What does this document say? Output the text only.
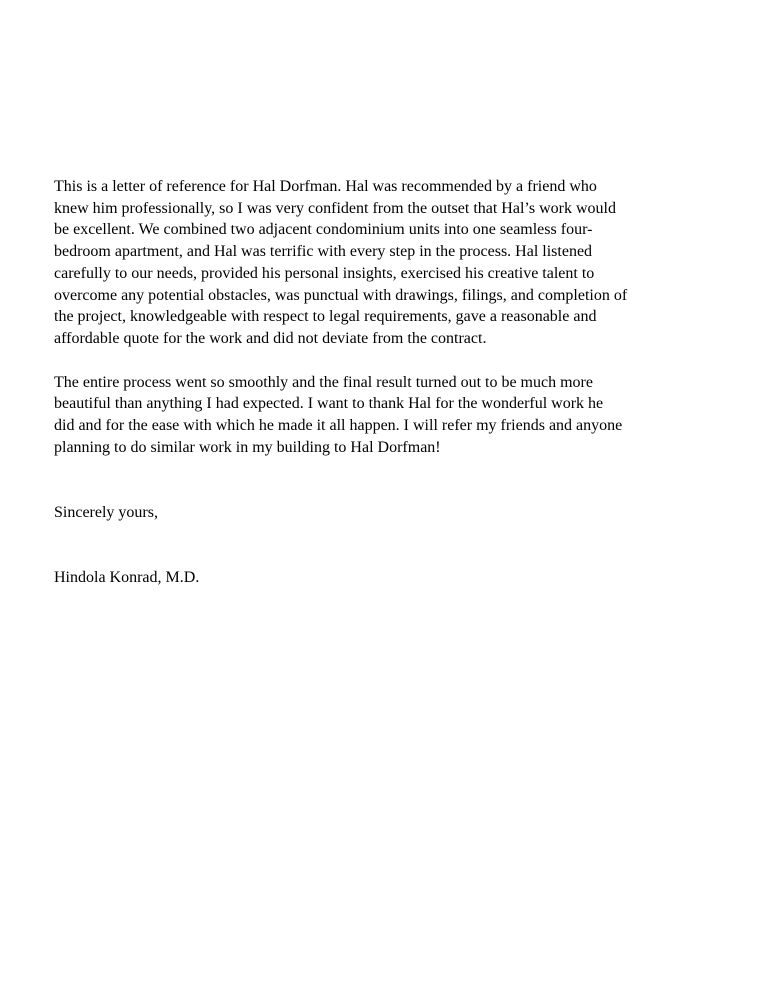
This is a letter of reference for Hal Dorfman. Hal was recommended by a friend who
knew him professionally, so I was very confident from the outset that Hal’s work would
be excellent. We combined two adjacent condominium units into one seamless four-
bedroom apartment, and Hal was terrific with every step in the process. Hal listened
carefully to our needs, provided his personal insights, exercised his creative talent to
overcome any potential obstacles, was punctual with drawings, filings, and completion of
the project, knowledgeable with respect to legal requirements, gave a reasonable and
affordable quote for the work and did not deviate from the contract.

The entire process went so smoothly and the final result turned out to be much more
beautiful than anything I had expected. I want to thank Hal for the wonderful work he
did and for the ease with which he made it all happen. I will refer my friends and anyone
planning to do similar work in my building to Hal Dorfman!

Sincerely yours,

Hindola Konrad, M.D.
